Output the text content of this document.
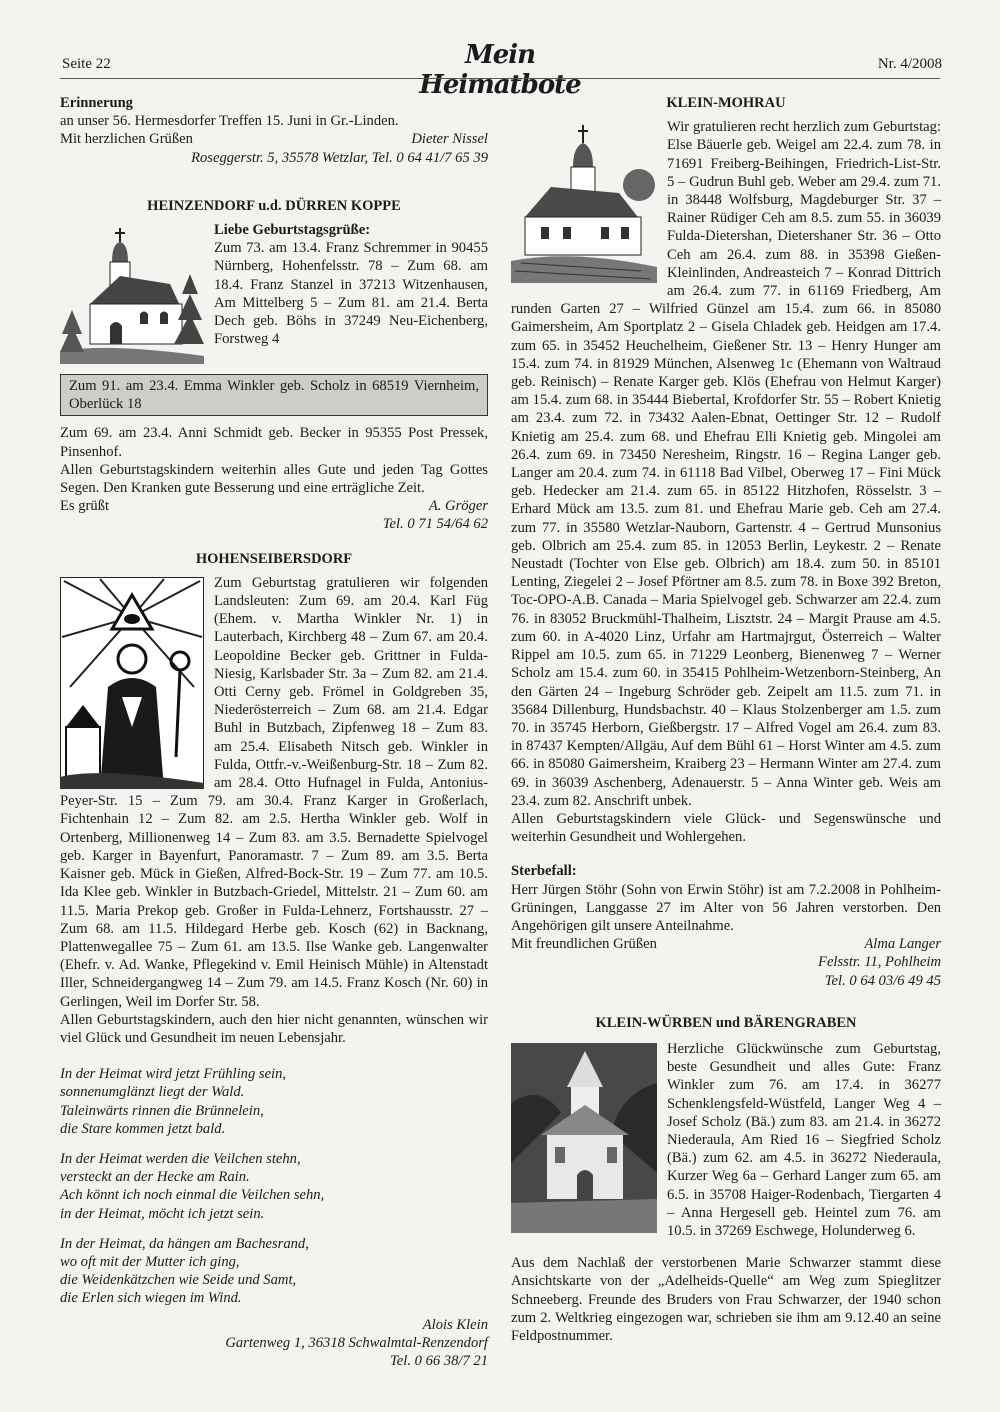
Seite 22	Mein Heimatbote
Nr. 4/2008

Erinnerung

an unser 56. Hermesdorfer Treffen 15. Juni in Gr.-Linden.

Mit herzlichen Grüßen	Dieter Nissel

Roseggerstr. 5, 35578 Wetzlar, Tel. 0 64 41/7 65 39

HEINZENDORF u.d. DÜRREN KOPPE

Liebe Geburtstagsgrüße:

Zum 73. am 13.4. Franz Schremmer in 90455 Nürnberg, Hohenfelsstr. 78 – Zum 68. am 18.4. Franz Stanzel in 37213 Witzenhausen, Am Mittelberg 5 – Zum 81. am 21.4. Berta Dech geb. Böhs in 37249 Neu-Eichenberg, Forstweg 4

Zum 91. am 23.4. Emma Winkler geb. Scholz in 68519 Viernheim, Oberlück 18

Zum 69. am 23.4. Anni Schmidt geb. Becker in 95355 Post Pressek, Pinsenhof.

Allen Geburtstagskindern weiterhin alles Gute und jeden Tag Gottes Segen. Den Kranken gute Besserung und eine erträgliche Zeit.

Es grüßt	A. Gröger

Tel. 0 71 54/64 62

HOHENSEIBERSDORF

Zum Geburtstag gratulieren wir folgenden Landsleuten: Zum 69. am 20.4. Karl Füg (Ehem. v. Martha Winkler Nr. 1) in Lauterbach, Kirchberg 48 – Zum 67. am 20.4. Leopoldine Becker geb. Grittner in Fulda-Niesig, Karlsbader Str. 3a – Zum 82. am 21.4. Otti Cerny geb. Frömel in Goldgreben 35, Niederösterreich – Zum 68. am 21.4. Edgar Buhl in Butzbach, Zipfenweg 18 – Zum 83. am 25.4. Elisabeth Nitsch geb. Winkler in Fulda, Ottfr.-v.-Weißenburg-Str. 18 – Zum 82. am 28.4. Otto Hufnagel in Fulda, Antonius-Peyer-Str. 15 – Zum 79. am 30.4. Franz Karger in Großerlach, Fichtenhain 12 – Zum 82. am 2.5. Hertha Winkler geb. Wolf in Ortenberg, Millionenweg 14 – Zum 83. am 3.5. Bernadette Spielvogel geb. Karger in Bayenfurt, Panoramastr. 7 – Zum 89. am 3.5. Berta Kaisner geb. Mück in Gießen, Alfred-Bock-Str. 19 – Zum 77. am 10.5. Ida Klee geb. Winkler in Butzbach-Griedel, Mittelstr. 21 – Zum 60. am 11.5. Maria Prekop geb. Großer in Fulda-Lehnerz, Fortshausstr. 27 – Zum 68. am 11.5. Hildegard Herbe geb. Kosch (62) in Backnang, Plattenwegallee 75 – Zum 61. am 13.5. Ilse Wanke geb. Langenwalter (Ehefr. v. Ad. Wanke, Pflegekind v. Emil Heinisch Mühle) in Altenstadt Iller, Schneidergangweg 14 – Zum 79. am 14.5. Franz Kosch (Nr. 60) in Gerlingen, Weil im Dorfer Str. 58.

Allen Geburtstagskindern, auch den hier nicht genannten, wünschen wir viel Glück und Gesundheit im neuen Lebensjahr.

In der Heimat wird jetzt Frühling sein,
sonnenumglänzt liegt der Wald.
Taleinwärts rinnen die Brünnelein,
die Stare kommen jetzt bald.
In der Heimat werden die Veilchen stehn,
versteckt an der Hecke am Rain.
Ach könnt ich noch einmal die Veilchen sehn,
in der Heimat, möcht ich jetzt sein.
In der Heimat, da hängen am Bachesrand,
wo oft mit der Mutter ich ging,
die Weidenkätzchen wie Seide und Samt,
die Erlen sich wiegen im Wind.

Alois Klein

Gartenweg 1, 36318 Schwalmtal-Renzendorf

Tel. 0 66 38/7 21

KLEIN-MOHRAU

Wir gratulieren recht herzlich zum Geburtstag: Else Bäuerle geb. Weigel am 22.4. zum 78. in 71691 Freiberg-Beihingen, Friedrich-List-Str. 5 – Gudrun Buhl geb. Weber am 29.4. zum 71. in 38448 Wolfsburg, Magdeburger Str. 37 – Rainer Rüdiger Ceh am 8.5. zum 55. in 36039 Fulda-Dietershan, Dietershaner Str. 36 – Otto Ceh am 26.4. zum 88. in 35398 Gießen-Kleinlinden, Andreasteich 7 – Konrad Dittrich am 26.4. zum 77. in 61169 Friedberg, Am runden Garten 27 – Wilfried Günzel am 15.4. zum 66. in 85080 Gaimersheim, Am Sportplatz 2 – Gisela Chladek geb. Heidgen am 17.4. zum 65. in 35452 Heuchelheim, Gießener Str. 13 – Henry Hunger am 15.4. zum 74. in 81929 München, Alsenweg 1c (Ehemann von Waltraud geb. Reinisch) – Renate Karger geb. Klös (Ehefrau von Helmut Karger) am 15.4. zum 68. in 35444 Biebertal, Krofdorfer Str. 55 – Robert Knietig am 23.4. zum 72. in 73432 Aalen-Ebnat, Oettinger Str. 12 – Rudolf Knietig am 25.4. zum 68. und Ehefrau Elli Knietig geb. Mingolei am 26.4. zum 69. in 73450 Neresheim, Ringstr. 16 – Regina Langer geb. Langer am 20.4. zum 74. in 61118 Bad Vilbel, Oberweg 17 – Fini Mück geb. Hedecker am 21.4. zum 65. in 85122 Hitzhofen, Rösselstr. 3 – Erhard Mück am 13.5. zum 81. und Ehefrau Marie geb. Ceh am 27.4. zum 77. in 35580 Wetzlar-Nauborn, Gartenstr. 4 – Gertrud Munsonius geb. Olbrich am 25.4. zum 85. in 12053 Berlin, Leykestr. 2 – Renate Neustadt (Tochter von Else geb. Olbrich) am 18.4. zum 50. in 85101 Lenting, Ziegelei 2 – Josef Pförtner am 8.5. zum 78. in Boxe 392 Breton, Toc-OPO-A.B. Canada – Maria Spielvogel geb. Schwarzer am 22.4. zum 76. in 83052 Bruckmühl-Thalheim, Lisztstr. 24 – Margit Prause am 4.5. zum 60. in A-4020 Linz, Urfahr am Hartmajrgut, Österreich – Walter Rippel am 10.5. zum 65. in 71229 Leonberg, Bienenweg 7 – Werner Scholz am 15.4. zum 60. in 35415 Pohlheim-Wetzenborn-Steinberg, An den Gärten 24 – Ingeburg Schröder geb. Zeipelt am 11.5. zum 71. in 35684 Dillenburg, Hundsbachstr. 40 – Klaus Stolzenberger am 1.5. zum 70. in 35745 Herborn, Gießbergstr. 17 – Alfred Vogel am 26.4. zum 83. in 87437 Kempten/Allgäu, Auf dem Bühl 61 – Horst Winter am 4.5. zum 66. in 85080 Gaimersheim, Kraiberg 23 – Hermann Winter am 27.4. zum 69. in 36039 Aschenberg, Adenauerstr. 5 – Anna Winter geb. Weis am 23.4. zum 82. Anschrift unbek.

Allen Geburtstagskindern viele Glück- und Segenswünsche und weiterhin Gesundheit und Wohlergehen.

Sterbefall:

Herr Jürgen Stöhr (Sohn von Erwin Stöhr) ist am 7.2.2008 in Pohlheim-Grüningen, Langgasse 27 im Alter von 56 Jahren verstorben. Den Angehörigen gilt unsere Anteilnahme.

Mit freundlichen Grüßen	Alma Langer

Felsstr. 11, Pohlheim

Tel. 0 64 03/6 49 45

KLEIN-WÜRBEN und BÄRENGRABEN

Herzliche Glückwünsche zum Geburtstag, beste Gesundheit und alles Gute: Franz Winkler zum 76. am 17.4. in 36277 Schenklengsfeld-Wüstfeld, Langer Weg 4 – Josef Scholz (Bä.) zum 83. am 21.4. in 36272 Niederaula, Am Ried 16 – Siegfried Scholz (Bä.) zum 62. am 4.5. in 36272 Niederaula, Kurzer Weg 6a – Gerhard Langer zum 65. am 6.5. in 35708 Haiger-Rodenbach, Tiergarten 4 – Anna Hergesell geb. Heintel zum 76. am 10.5. in 37269 Eschwege, Holunderweg 6.

Aus dem Nachlaß der verstorbenen Marie Schwarzer stammt diese Ansichtskarte von der „Adelheids-Quelle“ am Weg zum Spieglitzer Schneeberg. Freunde des Bruders von Frau Schwarzer, der 1940 schon zum 2. Weltkrieg eingezogen war, schrieben sie ihm am 9.12.40 an seine Feldpostnummer.
